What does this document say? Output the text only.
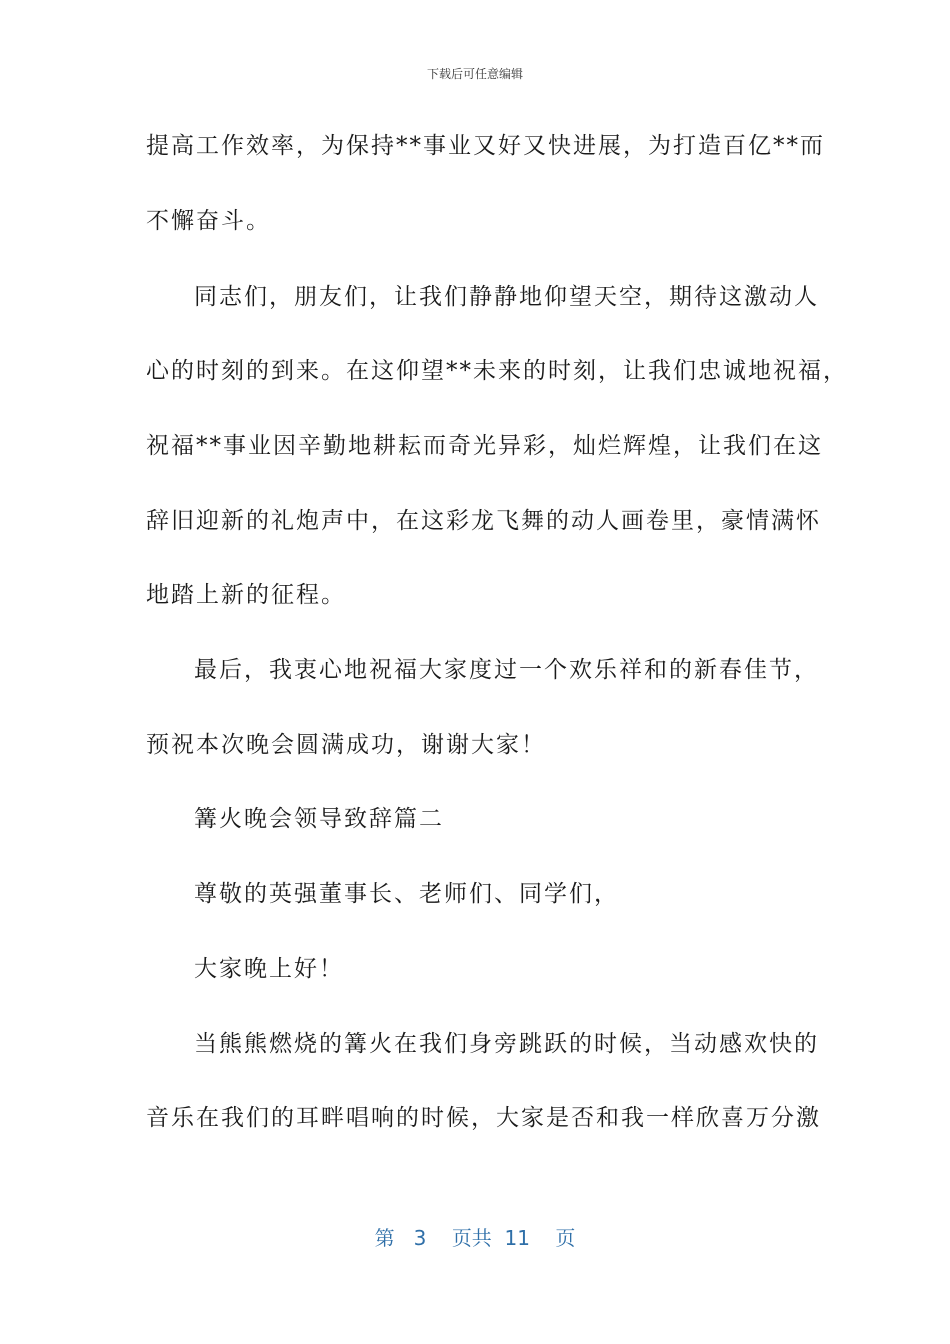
下载后可任意编辑
提高工作效率，为保持**事业又好又快进展，为打造百亿**而
不懈奋斗。
同志们，朋友们，让我们静静地仰望天空，期待这激动人
心的时刻的到来。在这仰望**未来的时刻，让我们忠诚地祝福，
祝福**事业因辛勤地耕耘而奇光异彩，灿烂辉煌，让我们在这
辞旧迎新的礼炮声中，在这彩龙飞舞的动人画卷里，豪情满怀
地踏上新的征程。
最后，我衷心地祝福大家度过一个欢乐祥和的新春佳节，
预祝本次晚会圆满成功，谢谢大家！
篝火晚会领导致辞篇二
尊敬的英强董事长、老师们、同学们，
大家晚上好！
当熊熊燃烧的篝火在我们身旁跳跃的时候，当动感欢快的
音乐在我们的耳畔唱响的时候，大家是否和我一样欣喜万分激
第 3 页共 11 页
